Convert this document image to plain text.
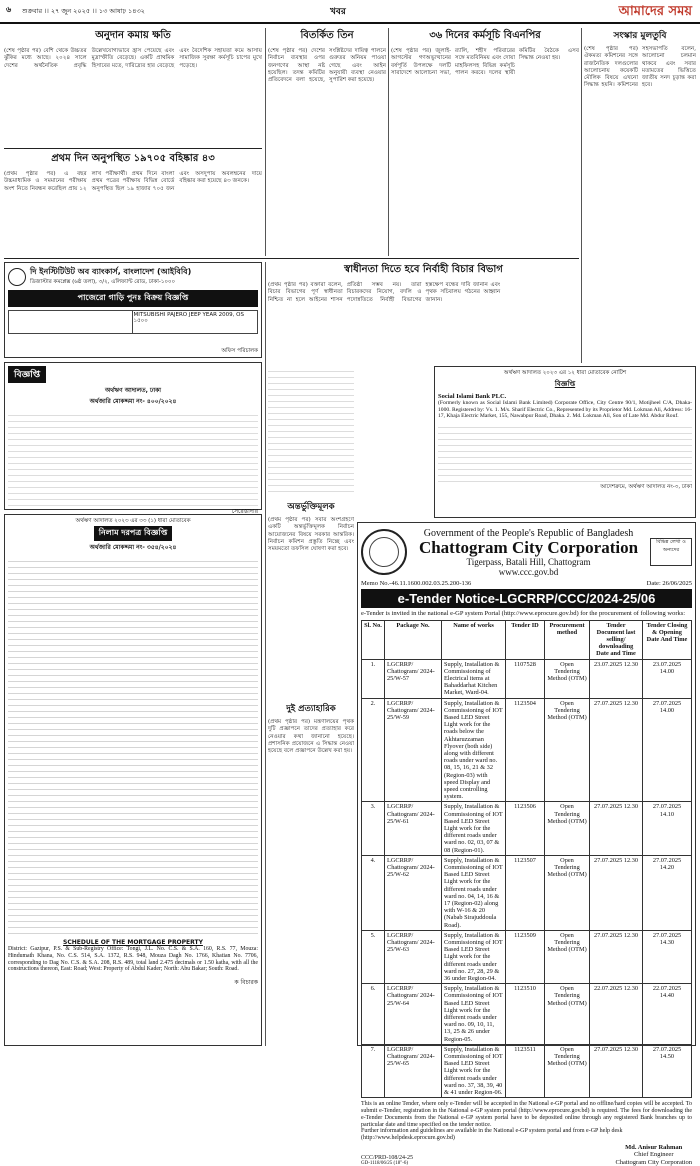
৬ শুক্রবার ।। ২৭ জুন ২০২৫ ।। ১৩ আষাঢ় ১৪৩২	খবর	আমাদের সময়
অনুদান কমায় ক্ষতি
(শেষ পৃষ্ঠার পর) বেশি থেকে উচ্চতর ঝুঁকির মধ্যে আছে। ২০২৪ সালে দেশের অর্থনৈতিক প্রবৃদ্ধি উল্লেখযোগ্যভাবে হ্রাস পেয়েছে এবং মুদ্রাস্ফীতি বেড়েছে। একটি প্রাথমিক হিসাবের মতে, দারিদ্র্যের হার বেড়েছে এবং বৈদেশিক সহায়তা কমে আসায় সামাজিক সুরক্ষা কর্মসূচি চাপের মুখে পড়েছে।
বিতর্কিত তিন
(শেষ পৃষ্ঠার পর) দেশের নির্বাচন ব্যবস্থার ওপর জনগণের আস্থা নষ্ট হয়েছিল। তদন্ত কমিটির প্রতিবেদনে বলা হয়েছে, সংশ্লিষ্টদের দায়িত্ব পালনে গুরুতর অনিয়ম পাওয়া গেছে এবং আইন অনুযায়ী ব্যবস্থা নেওয়ার সুপারিশ করা হয়েছে।
৩৬ দিনের কর্মসূচি বিএনপির
(শেষ পৃষ্ঠার পর) জুলাই-আগস্টের গণঅভ্যুত্থানের বর্ষপূর্তি উপলক্ষে দলটি সারাদেশে আলোচনা সভা, র‍্যালি, শহীদ পরিবারের সঙ্গে মতবিনিময় এবং দোয়া মাহফিলসহ বিভিন্ন কর্মসূচি পালন করবে। দলের স্থায়ী কমিটির বৈঠকে এসব সিদ্ধান্ত নেওয়া হয়।
সংস্কার মুলতুবি
(শেষ পৃষ্ঠার পর) ঐকমত্য কমিশনের সঙ্গে রাজনৈতিক দলগুলোর আলোচনায় কয়েকটি মৌলিক বিষয়ে এখনো সিদ্ধান্ত হয়নি। কমিশনের সহসভাপতি বলেন, আলোচনা চলমান থাকবে এবং সবার মতামতের ভিত্তিতে জাতীয় সনদ চূড়ান্ত করা হবে।
প্রথম দিন অনুপস্থিত ১৯৭০৫ বহিষ্কার ৪৩
(প্রথম পৃষ্ঠার পর) এ বছর উচ্চমাধ্যমিক ও সমমানের পরীক্ষায় অংশ নিতে নিবন্ধন করেছিল প্রায় ১২ লাখ পরীক্ষার্থী। প্রথম দিনে বাংলা প্রথম পত্রের পরীক্ষায় বিভিন্ন বোর্ডে অনুপস্থিত ছিল ১৯ হাজার ৭০৫ জন এবং অসদুপায় অবলম্বনের দায়ে বহিষ্কার করা হয়েছে ৪৩ জনকে।
দি ইনস্টিটিউট অব ব্যাংকার্স, বাংলাদেশ (আইবিবি)
ডিজাস্টার কমপ্লেক্স (৬ষ্ঠ তলা), ৩/২, এলিফ্যান্ট রোড, ঢাকা-১০০০
পাজেরো গাড়ি পুনঃ বিক্রয় বিজ্ঞপ্তি
MITSUBISHI PAJERO JEEP YEAR 2009, OS ১৫০০
অফিস পরিচালক
বিজ্ঞপ্তি
অর্থঋণ আদালত, ঢাকা
অর্থজারি মোকদ্দমা নং- ৪০০/২০২৪
সেরেস্তাদার
অর্থঋণ আদালত ২০২৩ এর ৩৩ (১) ধারা মোতাবেক
নিলাম দরপত্র বিজ্ঞপ্তি
অর্থজারি মোকদ্দমা নং- ৩৫৪/২০২৪
SCHEDULE OF THE MORTGAGE PROPERTY
District: Gazipur, P.S. & Sub-Registry Office: Tongi, J.L. No. C.S. & S.A. 160, R.S. 77, Mouza: Hindumath Khana, No. C.S. 514, S.A. 1372, R.S. 948, Mouza Dagh No. 1766, Khatian No. 7706, corresponding to Dag No. C.S. & S.A. 208, R.S. 489, total land 2.475 decimals or 1.50 katha, with all the constructions thereon, East: Road; West: Property of Abdul Kader; North: Abu Bakar; South: Road.
ক বিচারক
স্বাধীনতা দিতে হবে নির্বাহী বিচার বিভাগ
(প্রথম পৃষ্ঠার পর) বক্তারা বলেন, বিচার বিভাগের পূর্ণ স্বাধীনতা নিশ্চিত না হলে আইনের শাসন প্রতিষ্ঠা সম্ভব নয়। তারা বিচারকদের নিয়োগ, বদলি ও পদোন্নতিতে নির্বাহী বিভাগের হস্তক্ষেপ বন্ধের দাবি জানান এবং পৃথক সচিবালয় গঠনের আহ্বান জানান।
অন্তর্ভুক্তিমূলক
(প্রথম পৃষ্ঠার পর) সবার অংশগ্রহণে একটি অন্তর্ভুক্তিমূলক নির্বাচন আয়োজনের বিষয়ে সরকার আন্তরিক। নির্বাচন কমিশন প্রস্তুতি নিচ্ছে এবং সময়মতো তফসিল ঘোষণা করা হবে।
দুই প্রত্যাহারিক
(প্রথম পৃষ্ঠার পর) মন্ত্রণালয়ের পৃথক দুটি প্রজ্ঞাপনে তাদের প্রত্যাহার করে নেওয়ার কথা জানানো হয়েছে। প্রশাসনিক প্রয়োজনে এ সিদ্ধান্ত নেওয়া হয়েছে বলে প্রজ্ঞাপনে উল্লেখ করা হয়।
অর্থঋণ আদালত ২০২৩ এর ১২ ধারা মোতাবেক নোটিশ
বিজ্ঞপ্তি
Social Islami Bank PLC.
(Formerly known as Social Islami Bank Limited) Corporate Office, City Centre 90/1, Motijheel C/A, Dhaka-1000. Registered by: Vs. 1. M/s. Sharif Electric Co., Represented by its Proprietor Md. Lokman Ali, Address: 16-17, Khaja Electric Market, 155, Nawabpur Road, Dhaka. 2. Md. Lokman Ali, Son of Late Md. Abdur Rouf.
আদেশক্রমে, অর্থঋণ আদালত নং-৩, ঢাকা
Government of the People's Republic of Bangladesh
Chattogram City Corporation
Tigerpass, Batali Hill, Chattogram
www.ccc.gov.bd
বিভিন্ন লেখা ও অন্যদের
Memo No.-46.11.1600.002.03.25.200-136	Date: 26/06/2025
e-Tender Notice-LGCRRP/CCC/2024-25/06
e-Tender is invited in the national e-GP system Portal (http://www.eprocure.gov.bd) for the procurement of following works:
Sl. No.	Package No.	Name of works	Tender ID	Procurement method	Tender Document last selling/ downloading Date and Time	Tender Closing & Opening Date And Time
1.	LGCRRP/ Chattogram/ 2024-25/W-57	Supply, Installation & Commissioning of Electrical items at Bahaddarhat Kitchen Market, Ward-04.	1107528	Open Tendering Method (OTM)	23.07.2025 12.30	23.07.2025 14.00
2.	LGCRRP/ Chattogram/ 2024-25/W-59	Supply, Installation & Commissioning of IOT Based LED Street Light work for the roads below the Akhtaruzzaman Flyover (both side) along with different roads under ward no. 08, 15, 16, 21 & 32 (Region-03) with speed Display and speed controlling system.	1123504	Open Tendering Method (OTM)	27.07.2025 12.30	27.07.2025 14.00
3.	LGCRRP/ Chattogram/ 2024-25/W-61	Supply, Installation & Commissioning of IOT Based LED Street Light work for the different roads under ward no. 02, 03, 07 & 08 (Region-01).	1123506	Open Tendering Method (OTM)	27.07.2025 12.30	27.07.2025 14.10
4.	LGCRRP/ Chattogram/ 2024-25/W-62	Supply, Installation & Commissioning of IOT Based LED Street Light work for the different roads under ward no. 04, 14, 16 & 17 (Region-02) along with W-16 & 20 (Nabab Sirajuddoula Road).	1123507	Open Tendering Method (OTM)	27.07.2025 12.30	27.07.2025 14.20
5.	LGCRRP/ Chattogram/ 2024-25/W-63	Supply, Installation & Commissioning of IOT Based LED Street Light work for the different roads under ward no. 27, 28, 29 & 36 under Region-04.	1123509	Open Tendering Method (OTM)	27.07.2025 12.30	27.07.2025 14.30
6.	LGCRRP/ Chattogram/ 2024-25/W-64	Supply, Installation & Commissioning of IOT Based LED Street Light work for the different roads under ward no. 09, 10, 11, 13, 25 & 26 under Region-05.	1123510	Open Tendering Method (OTM)	22.07.2025 12.30	22.07.2025 14.40
7.	LGCRRP/ Chattogram/ 2024-25/W-65	Supply, Installation & Commissioning of IOT Based LED Street Light work for the different roads under ward no. 37, 38, 39, 40 & 41 under Region-06.	1123511	Open Tendering Method (OTM)	27.07.2025 12.30	27.07.2025 14.50
This is an online Tender, where only e-Tender will be accepted in the National e-GP portal and no offline/hard copies will be accepted. To submit e-Tender, registration in the National e-GP system portal (http://www.eprocure.gov.bd) is required. The fees for downloading the e-Tender Documents from the National e-GP system portal have to be deposited online through any registered Bank branches up to particular date and time specified on the tender notice.
Further information and guidelines are available in the National e-GP system portal and from e-GP help desk (http://www.helpdesk.eprocure.gov.bd)
CCC/PRD-108/24-25
GD-1118/06/25 (18"-6)
Md. Anisur Rahman
Chief Engineer
Chattogram City Corporation
